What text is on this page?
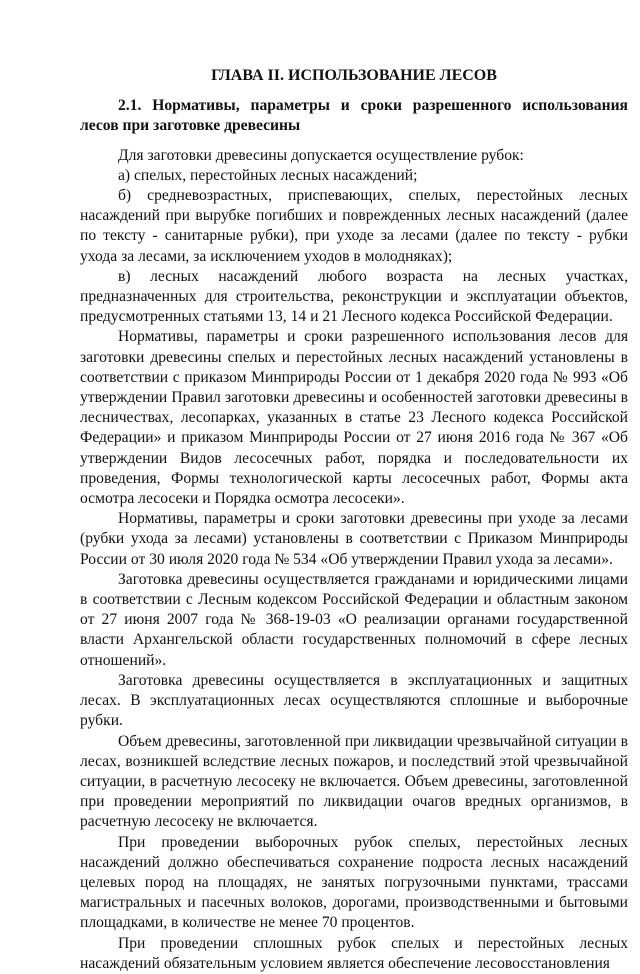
ГЛАВА II. ИСПОЛЬЗОВАНИЕ ЛЕСОВ
2.1. Нормативы, параметры и сроки разрешенного использования лесов при заготовке древесины

Для заготовки древесины допускается осуществление рубок:

а) спелых, перестойных лесных насаждений;

б) средневозрастных, приспевающих, спелых, перестойных лесных насаждений при вырубке погибших и поврежденных лесных насаждений (далее по тексту - санитарные рубки), при уходе за лесами (далее по тексту - рубки ухода за лесами, за исключением уходов в молодняках);

в) лесных насаждений любого возраста на лесных участках, предназначенных для строительства, реконструкции и эксплуатации объектов, предусмотренных статьями 13, 14 и 21 Лесного кодекса Российской Федерации.

Нормативы, параметры и сроки разрешенного использования лесов для заготовки древесины спелых и перестойных лесных насаждений установлены в соответствии с приказом Минприроды России от 1 декабря 2020 года № 993 «Об утверждении Правил заготовки древесины и особенностей заготовки древесины в лесничествах, лесопарках, указанных в статье 23 Лесного кодекса Российской Федерации» и приказом Минприроды России от 27 июня 2016 года № 367 «Об утверждении Видов лесосечных работ, порядка и последовательности их проведения, Формы технологической карты лесосечных работ, Формы акта осмотра лесосеки и Порядка осмотра лесосеки».

Нормативы, параметры и сроки заготовки древесины при уходе за лесами (рубки ухода за лесами) установлены в соответствии с Приказом Минприроды России от 30 июля 2020 года № 534 «Об утверждении Правил ухода за лесами».

Заготовка древесины осуществляется гражданами и юридическими лицами в соответствии с Лесным кодексом Российской Федерации и областным законом от 27 июня 2007 года № 368-19-03 «О реализации органами государственной власти Архангельской области государственных полномочий в сфере лесных отношений».

Заготовка древесины осуществляется в эксплуатационных и защитных лесах. В эксплуатационных лесах осуществляются сплошные и выборочные рубки.

Объем древесины, заготовленной при ликвидации чрезвычайной ситуации в лесах, возникшей вследствие лесных пожаров, и последствий этой чрезвычайной ситуации, в расчетную лесосеку не включается. Объем древесины, заготовленной при проведении мероприятий по ликвидации очагов вредных организмов, в расчетную лесосеку не включается.

При проведении выборочных рубок спелых, перестойных лесных насаждений должно обеспечиваться сохранение подроста лесных насаждений целевых пород на площадях, не занятых погрузочными пунктами, трассами магистральных и пасечных волоков, дорогами, производственными и бытовыми площадками, в количестве не менее 70 процентов.

При проведении сплошных рубок спелых и перестойных лесных насаждений обязательным условием является обеспечение лесовосстановления
